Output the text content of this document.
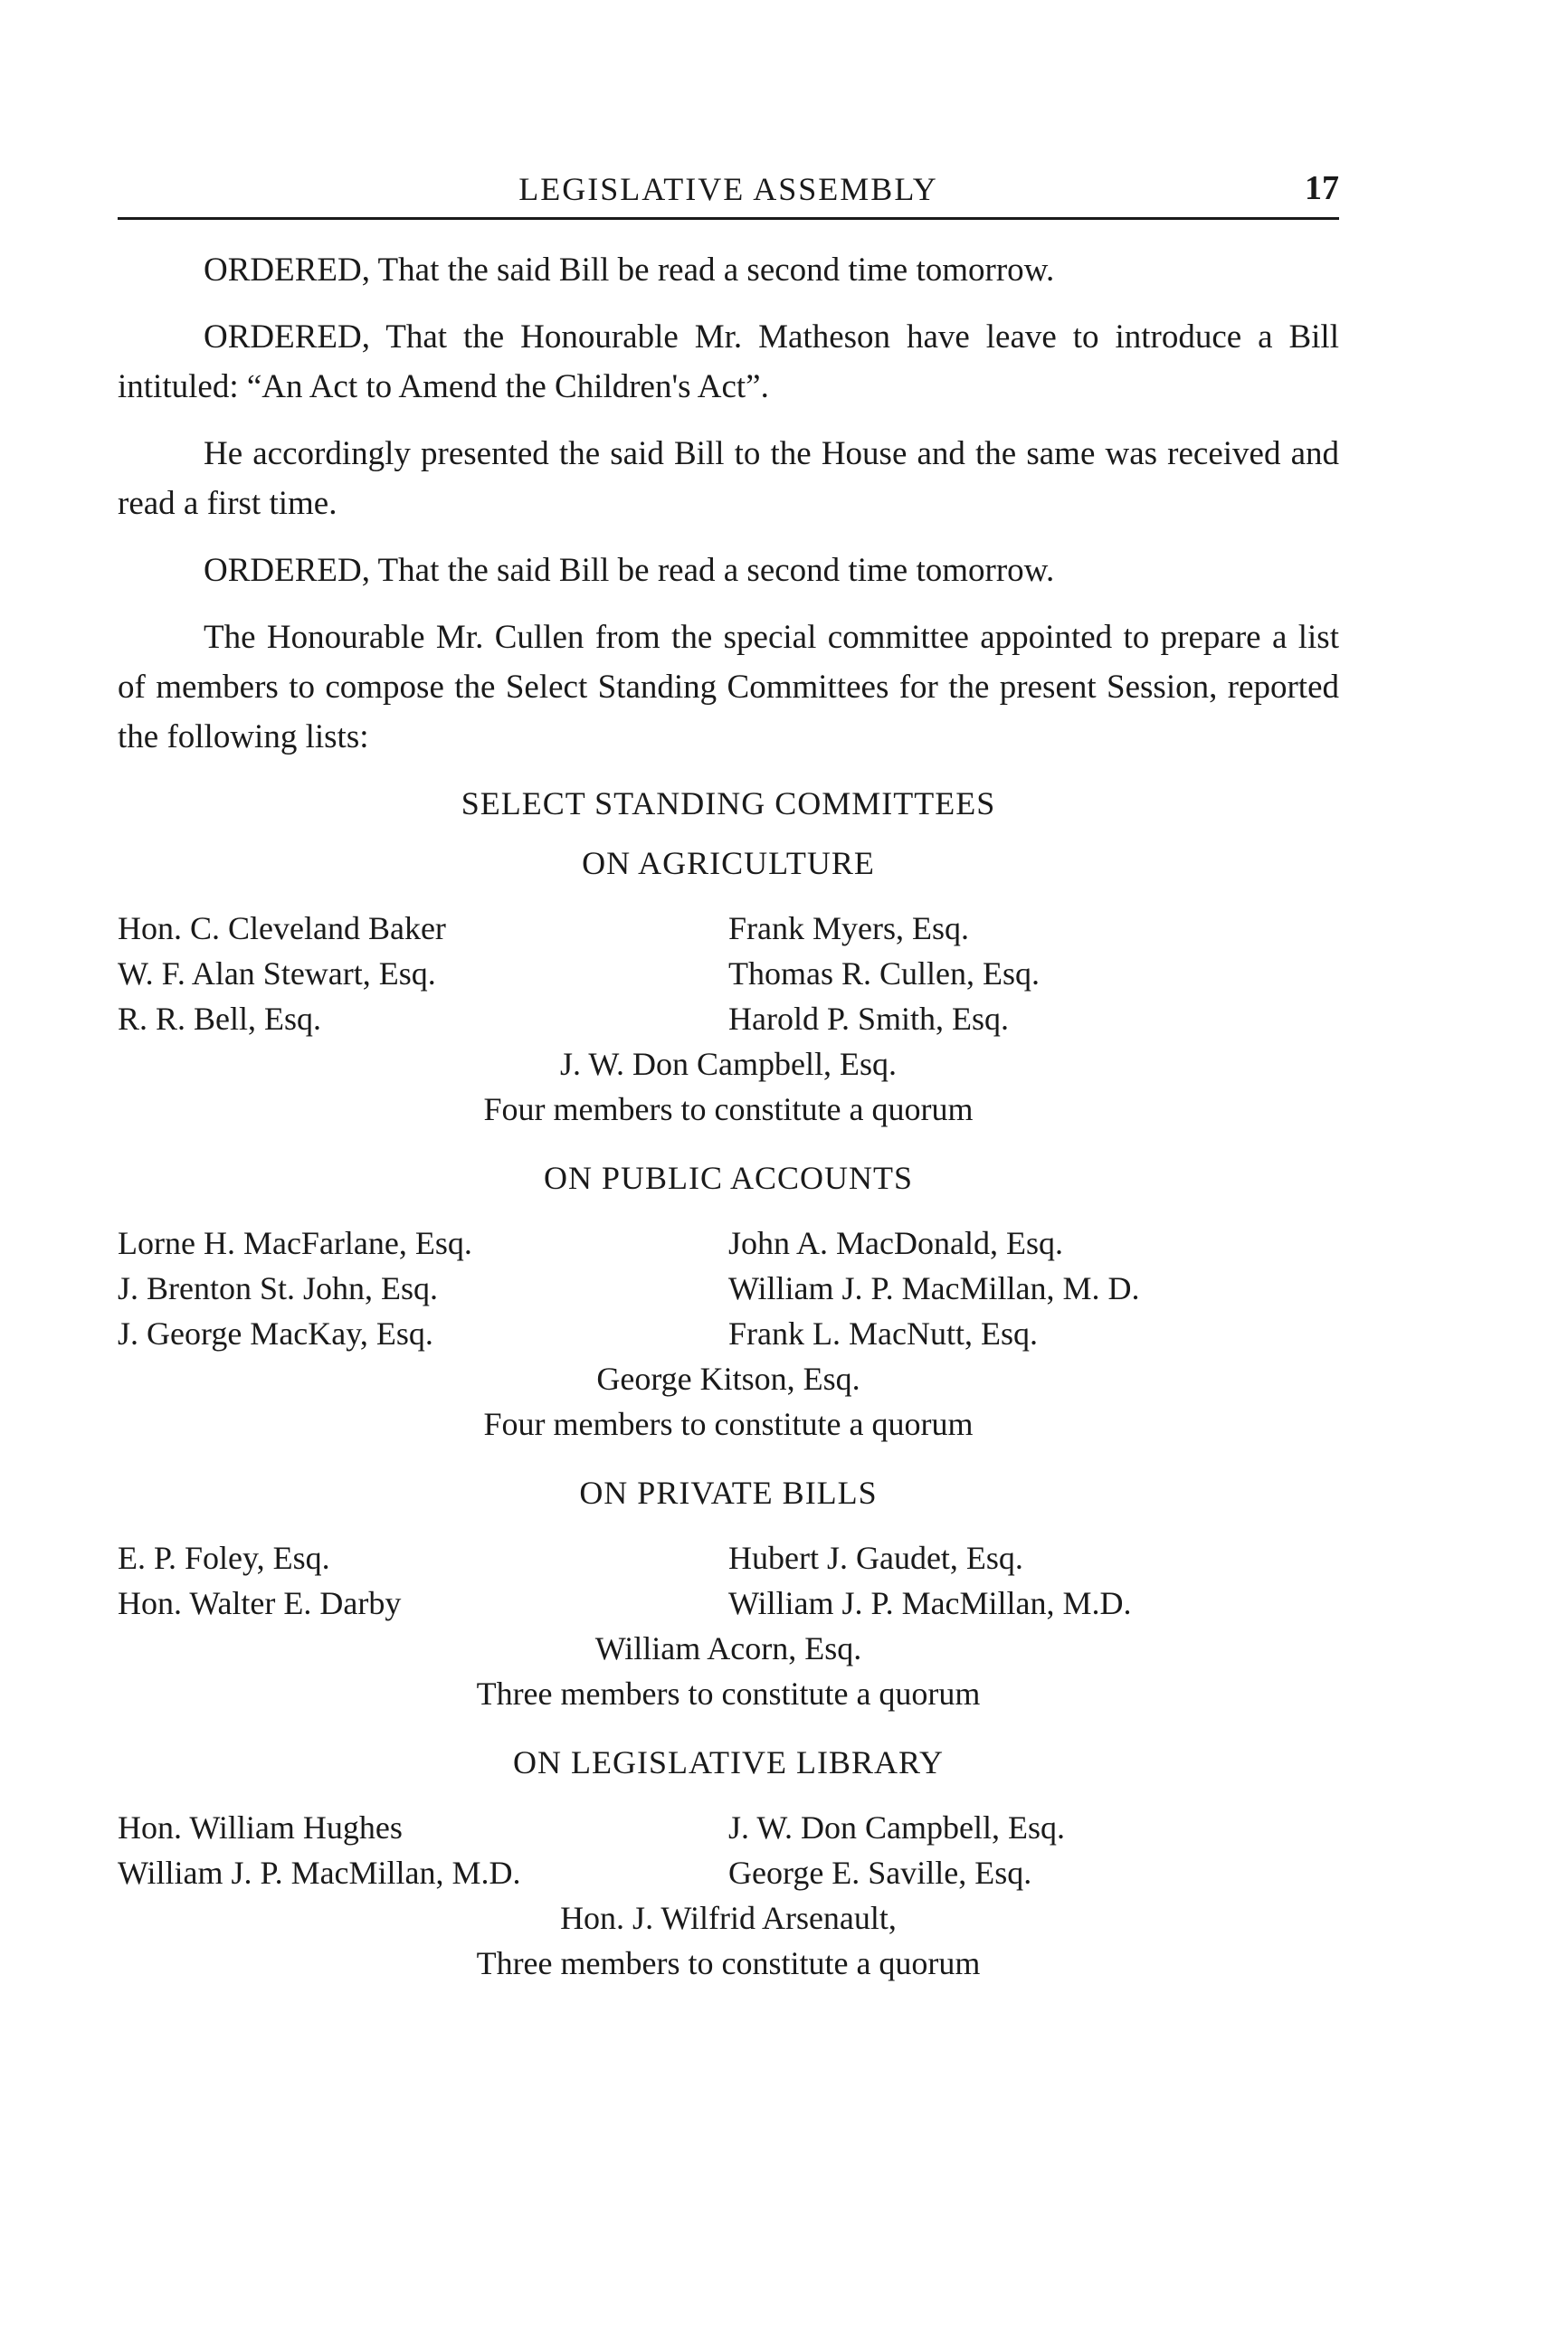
LEGISLATIVE ASSEMBLY	17

ORDERED, That the said Bill be read a second time tomorrow.

ORDERED, That the Honourable Mr. Matheson have leave to introduce a Bill intituled: “An Act to Amend the Children's Act”.

He accordingly presented the said Bill to the House and the same was received and read a first time.

ORDERED, That the said Bill be read a second time tomorrow.

The Honourable Mr. Cullen from the special committee appointed to prepare a list of members to compose the Select Standing Committees for the present Session, reported the following lists:

SELECT STANDING COMMITTEES
ON AGRICULTURE
Hon. C. Cleveland Baker
W. F. Alan Stewart, Esq.
R. R. Bell, Esq.
Frank Myers, Esq.
Thomas R. Cullen, Esq.
Harold P. Smith, Esq.
J. W. Don Campbell, Esq.
Four members to constitute a quorum
ON PUBLIC ACCOUNTS
Lorne H. MacFarlane, Esq.
J. Brenton St. John, Esq.
J. George MacKay, Esq.
John A. MacDonald, Esq.
William J. P. MacMillan, M. D.
Frank L. MacNutt, Esq.
George Kitson, Esq.
Four members to constitute a quorum
ON PRIVATE BILLS
E. P. Foley, Esq.
Hon. Walter E. Darby
Hubert J. Gaudet, Esq.
William J. P. MacMillan, M.D.
William Acorn, Esq.
Three members to constitute a quorum
ON LEGISLATIVE LIBRARY
Hon. William Hughes
William J. P. MacMillan, M.D.
J. W. Don Campbell, Esq.
George E. Saville, Esq.
Hon. J. Wilfrid Arsenault,
Three members to constitute a quorum
